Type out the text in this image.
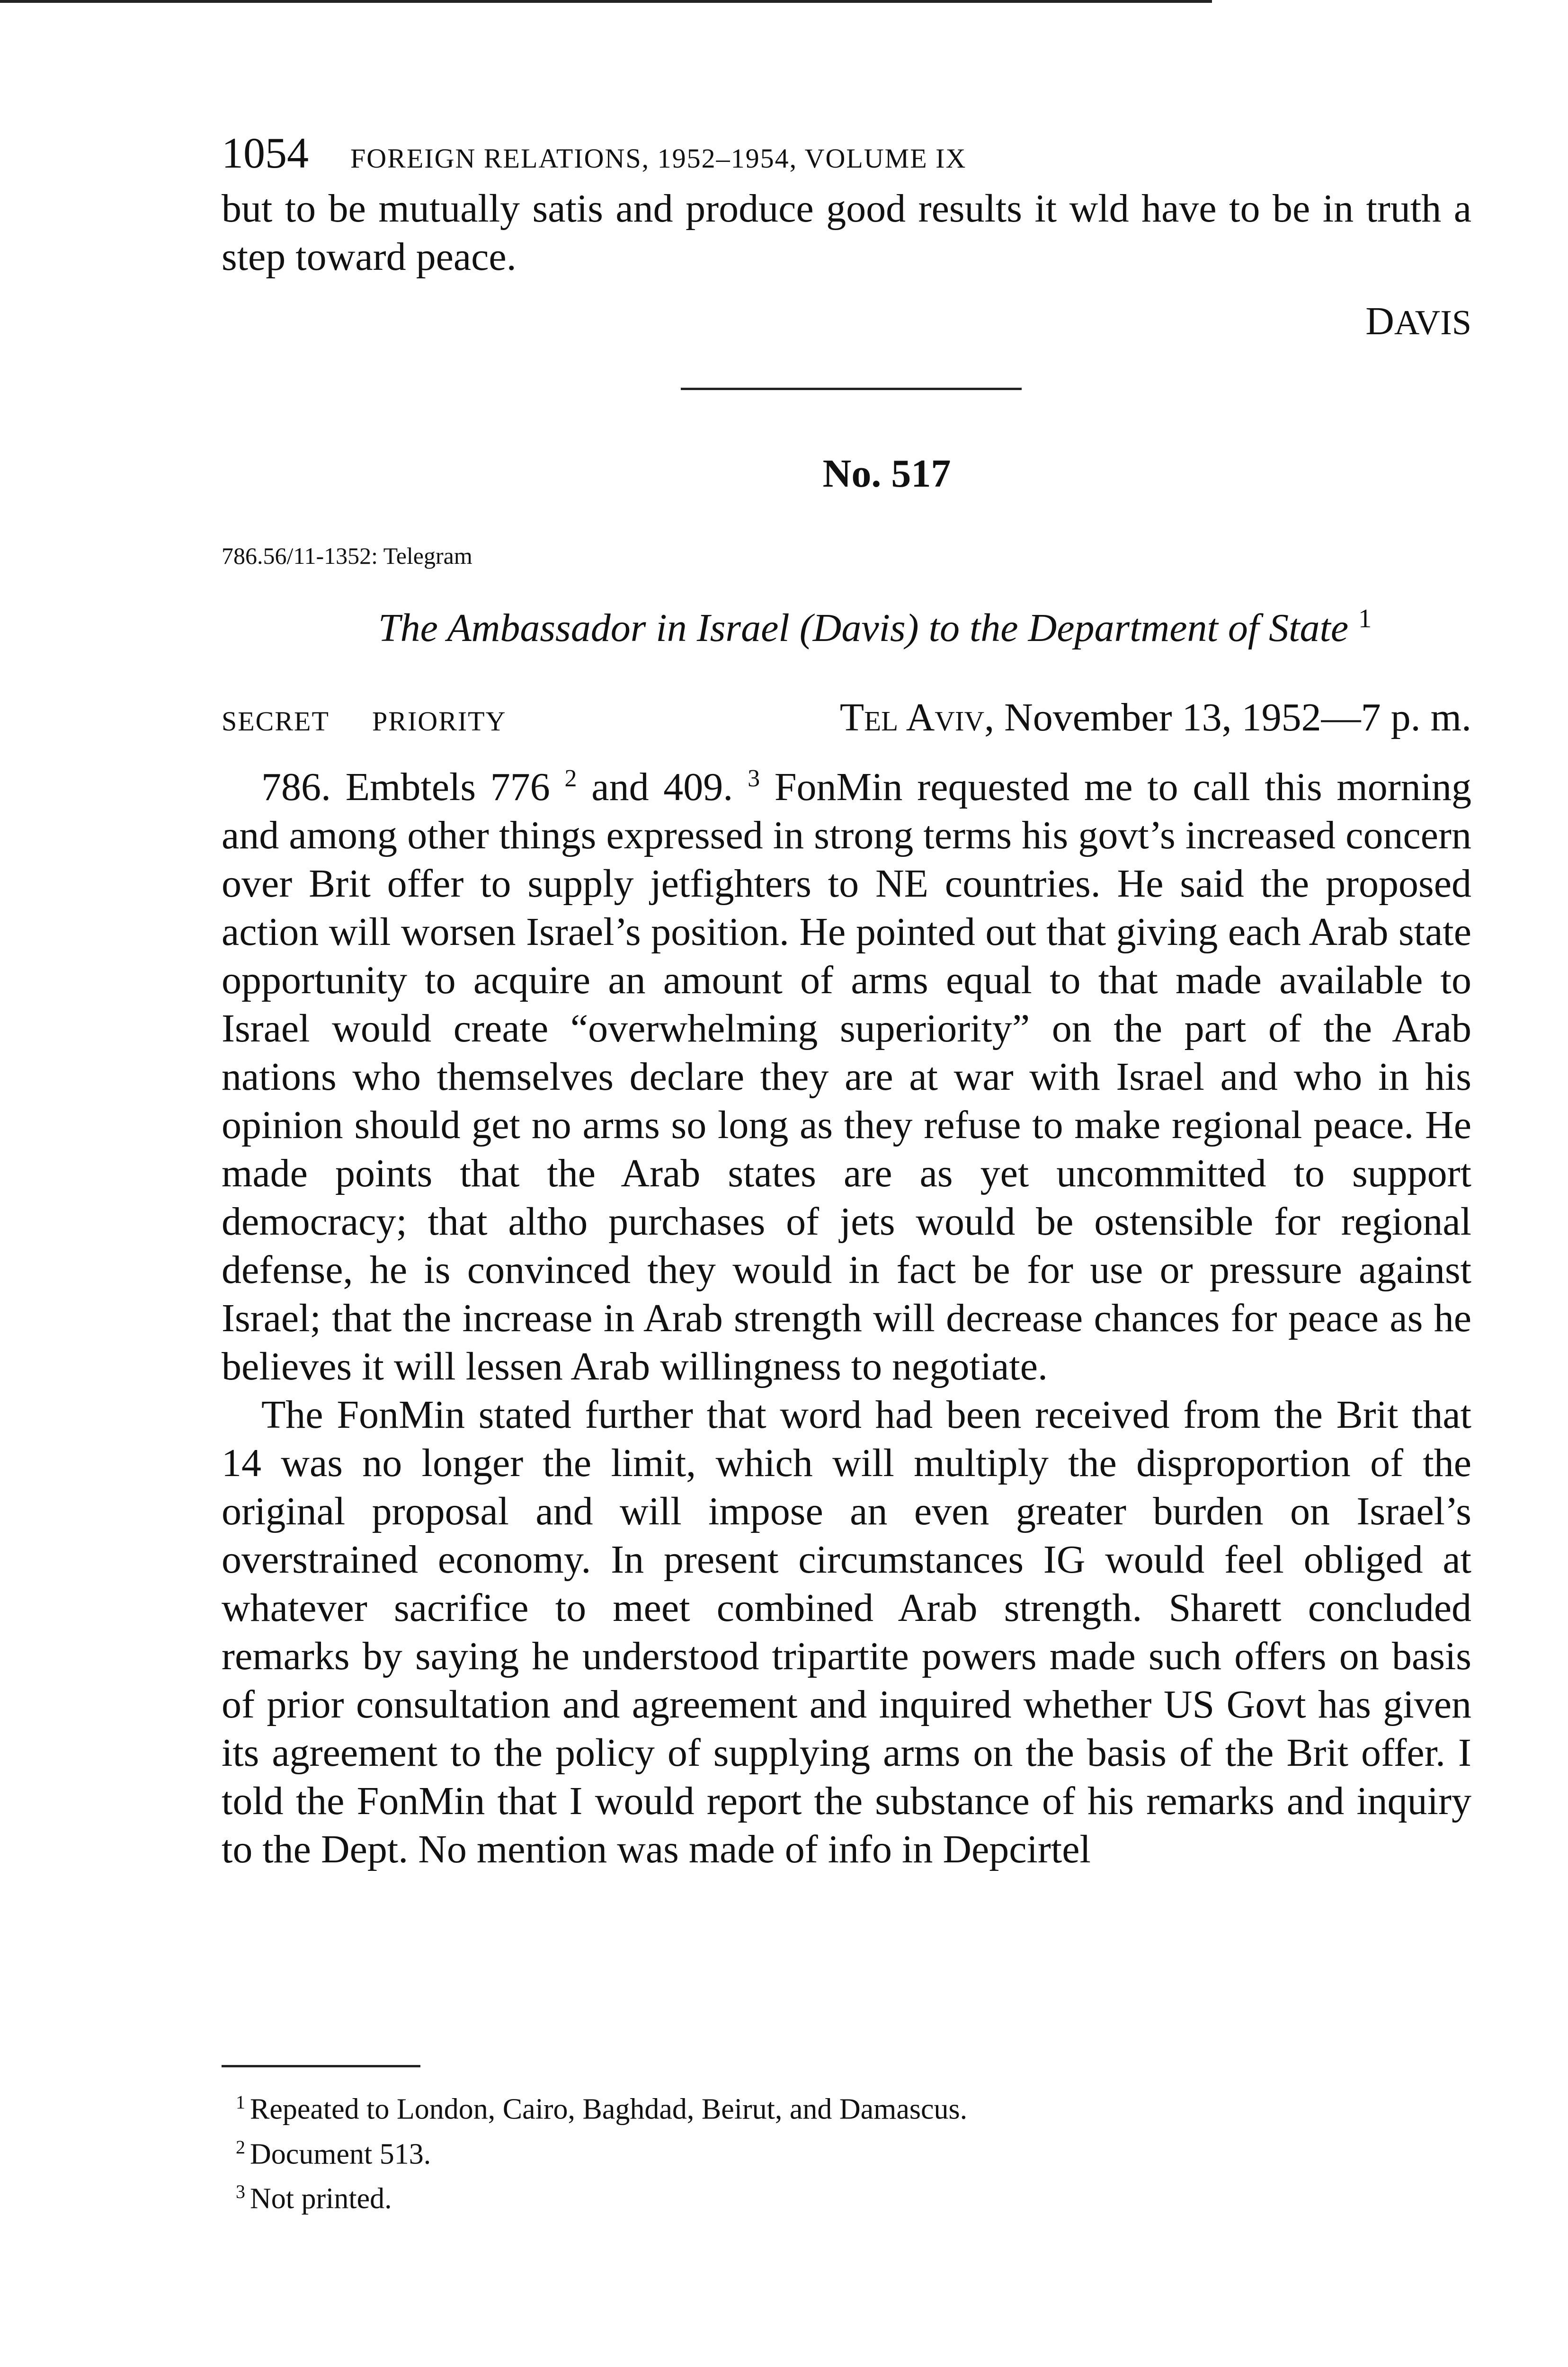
1054 FOREIGN RELATIONS, 1952–1954, VOLUME IX

but to be mutually satis and produce good results it wld have to be in truth a step toward peace.

DAVIS
No. 517
786.56/11-1352: Telegram
The Ambassador in Israel (Davis) to the Department of State $^1$
SECRET PRIORITY	Tel Aviv, November 13, 1952—7 p. m.

786. Embtels 776 $^2$ and 409. $^3$ FonMin requested me to call this morning and among other things expressed in strong terms his govt’s increased concern over Brit offer to supply jetfighters to NE countries. He said the proposed action will worsen Israel’s position. He pointed out that giving each Arab state opportunity to acquire an amount of arms equal to that made available to Israel would create “overwhelming superiority” on the part of the Arab nations who themselves declare they are at war with Israel and who in his opinion should get no arms so long as they refuse to make regional peace. He made points that the Arab states are as yet uncommitted to support democracy; that altho purchases of jets would be ostensible for regional defense, he is convinced they would in fact be for use or pressure against Israel; that the increase in Arab strength will decrease chances for peace as he believes it will lessen Arab willingness to negotiate.

The FonMin stated further that word had been received from the Brit that 14 was no longer the limit, which will multiply the disproportion of the original proposal and will impose an even greater burden on Israel’s overstrained economy. In present circumstances IG would feel obliged at whatever sacrifice to meet combined Arab strength. Sharett concluded remarks by saying he understood tripartite powers made such offers on basis of prior consultation and agreement and inquired whether US Govt has given its agreement to the policy of supplying arms on the basis of the Brit offer. I told the FonMin that I would report the substance of his remarks and inquiry to the Dept. No mention was made of info in Depcirtel

$^1$ Repeated to London, Cairo, Baghdad, Beirut, and Damascus.
$^2$ Document 513.
$^3$ Not printed.
